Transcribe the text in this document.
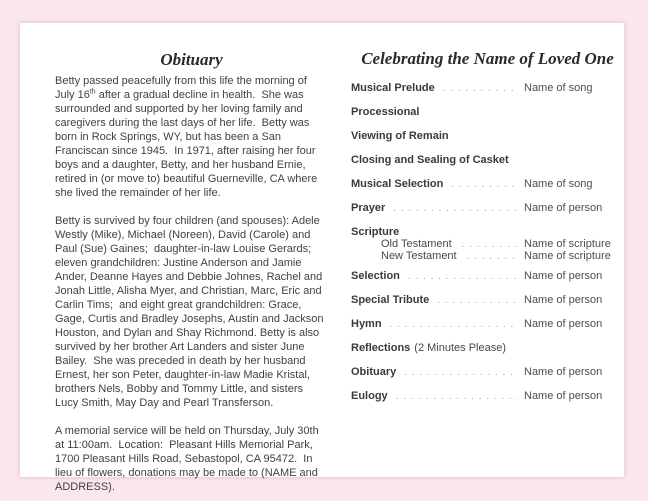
Obituary

Betty passed peacefully from this life the morning of July 16th after a gradual decline in health.  She was surrounded and supported by her loving family and caregivers during the last days of her life.  Betty was born in Rock Springs, WY, but has been a San Franciscan since 1945.  In 1971, after raising her four boys and a daughter, Betty, and her husband Ernie, retired in (or move to) beautiful Guerneville, CA where she lived the remainder of her life.

Betty is survived by four children (and spouses): Adele Westly (Mike), Michael (Noreen), David (Carole) and Paul (Sue) Gaines;  daughter-in-law Louise Gerards;  eleven grandchildren: Justine Anderson and Jamie Ander, Deanne Hayes and Debbie Johnes, Rachel and Jonah Little, Alisha Myer, and Christian, Marc, Eric and Carlin Tims;  and eight great grandchildren: Grace, Gage, Curtis and Bradley Josephs, Austin and Jackson Houston, and Dylan and Shay Richmond. Betty is also survived by her brother Art Landers and sister June Bailey.  She was preceded in death by her husband Ernest, her son Peter, daughter-in-law Madie Kristal, brothers Nels, Bobby and Tommy Little, and sisters Lucy Smith, May Day and Pearl Transferson.

A memorial service will be held on Thursday, July 30th at 11:00am.  Location:  Pleasant Hills Memorial Park, 1700 Pleasant Hills Road, Sebastopol, CA 95472.  In lieu of flowers, donations may be made to (NAME and ADDRESS).

Celebrating the Name of Loved One
Musical Prelude . . .	Name of song
Processional
Viewing of Remain
Closing and Sealing of Casket
Musical Selection . . .	Name of song
Prayer . . .	Name of person
Scripture
Old Testament . . .	Name of scripture
New Testament . . .	Name of scripture
Selection . . .	Name of person
Special Tribute . . .	Name of person
Hymn . . .	Name of person
Reflections (2 Minutes Please)
Obituary . . .	Name of person
Eulogy . . .	Name of person
